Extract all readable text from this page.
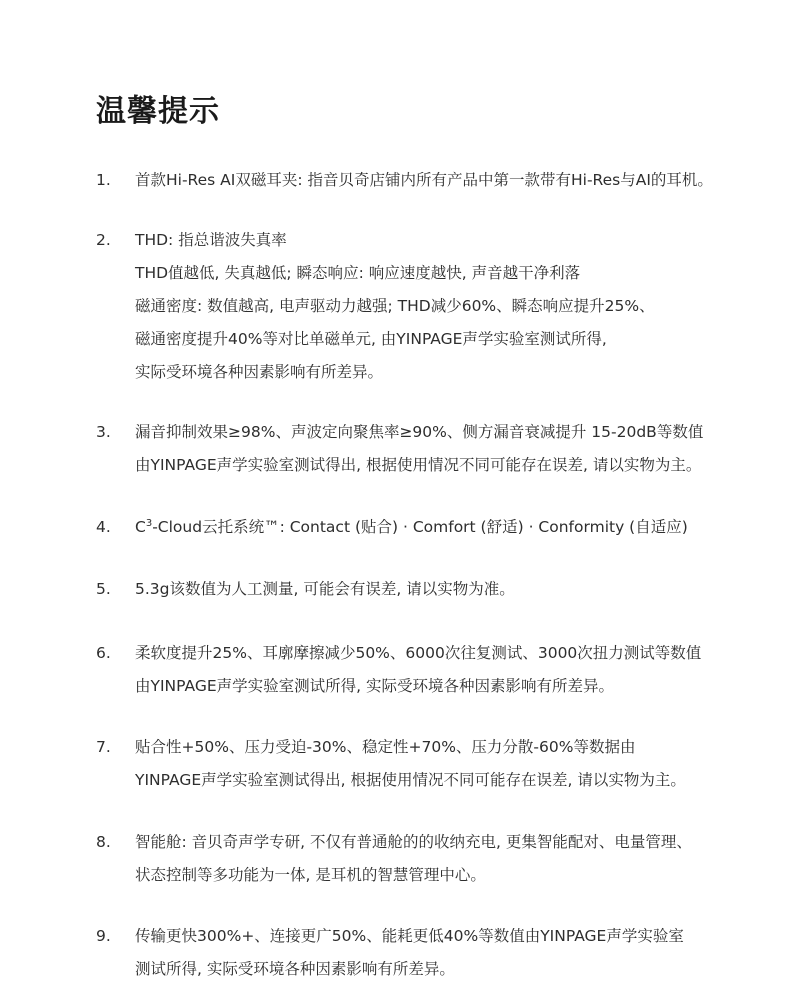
温馨提示
1.	首款Hi-Res AI双磁耳夹: 指音贝奇店铺内所有产品中第一款带有Hi-Res与AI的耳机。
2.	THD: 指总谐波失真率
THD值越低, 失真越低; 瞬态响应: 响应速度越快, 声音越干净利落
磁通密度: 数值越高, 电声驱动力越强; THD减少60%、瞬态响应提升25%、
磁通密度提升40%等对比单磁单元, 由YINPAGE声学实验室测试所得,
实际受环境各种因素影响有所差异。
3.	漏音抑制效果≥98%、声波定向聚焦率≥90%、侧方漏音衰减提升 15-20dB等数值
由YINPAGE声学实验室测试得出, 根据使用情况不同可能存在误差, 请以实物为主。
4.	$C^3$-Cloud云托系统™: Contact (贴合) · Comfort (舒适) · Conformity (自适应)
5.	5.3g该数值为人工测量, 可能会有误差, 请以实物为准。
6.	柔软度提升25%、耳廓摩擦减少50%、6000次往复测试、3000次扭力测试等数值
由YINPAGE声学实验室测试所得, 实际受环境各种因素影响有所差异。
7.	贴合性+50%、压力受迫-30%、稳定性+70%、压力分散-60%等数据由
YINPAGE声学实验室测试得出, 根据使用情况不同可能存在误差, 请以实物为主。
8.	智能舱: 音贝奇声学专研, 不仅有普通舱的的收纳充电, 更集智能配对、电量管理、
状态控制等多功能为一体, 是耳机的智慧管理中心。
9.	传输更快300%+、连接更广50%、能耗更低40%等数值由YINPAGE声学实验室
测试所得, 实际受环境各种因素影响有所差异。
